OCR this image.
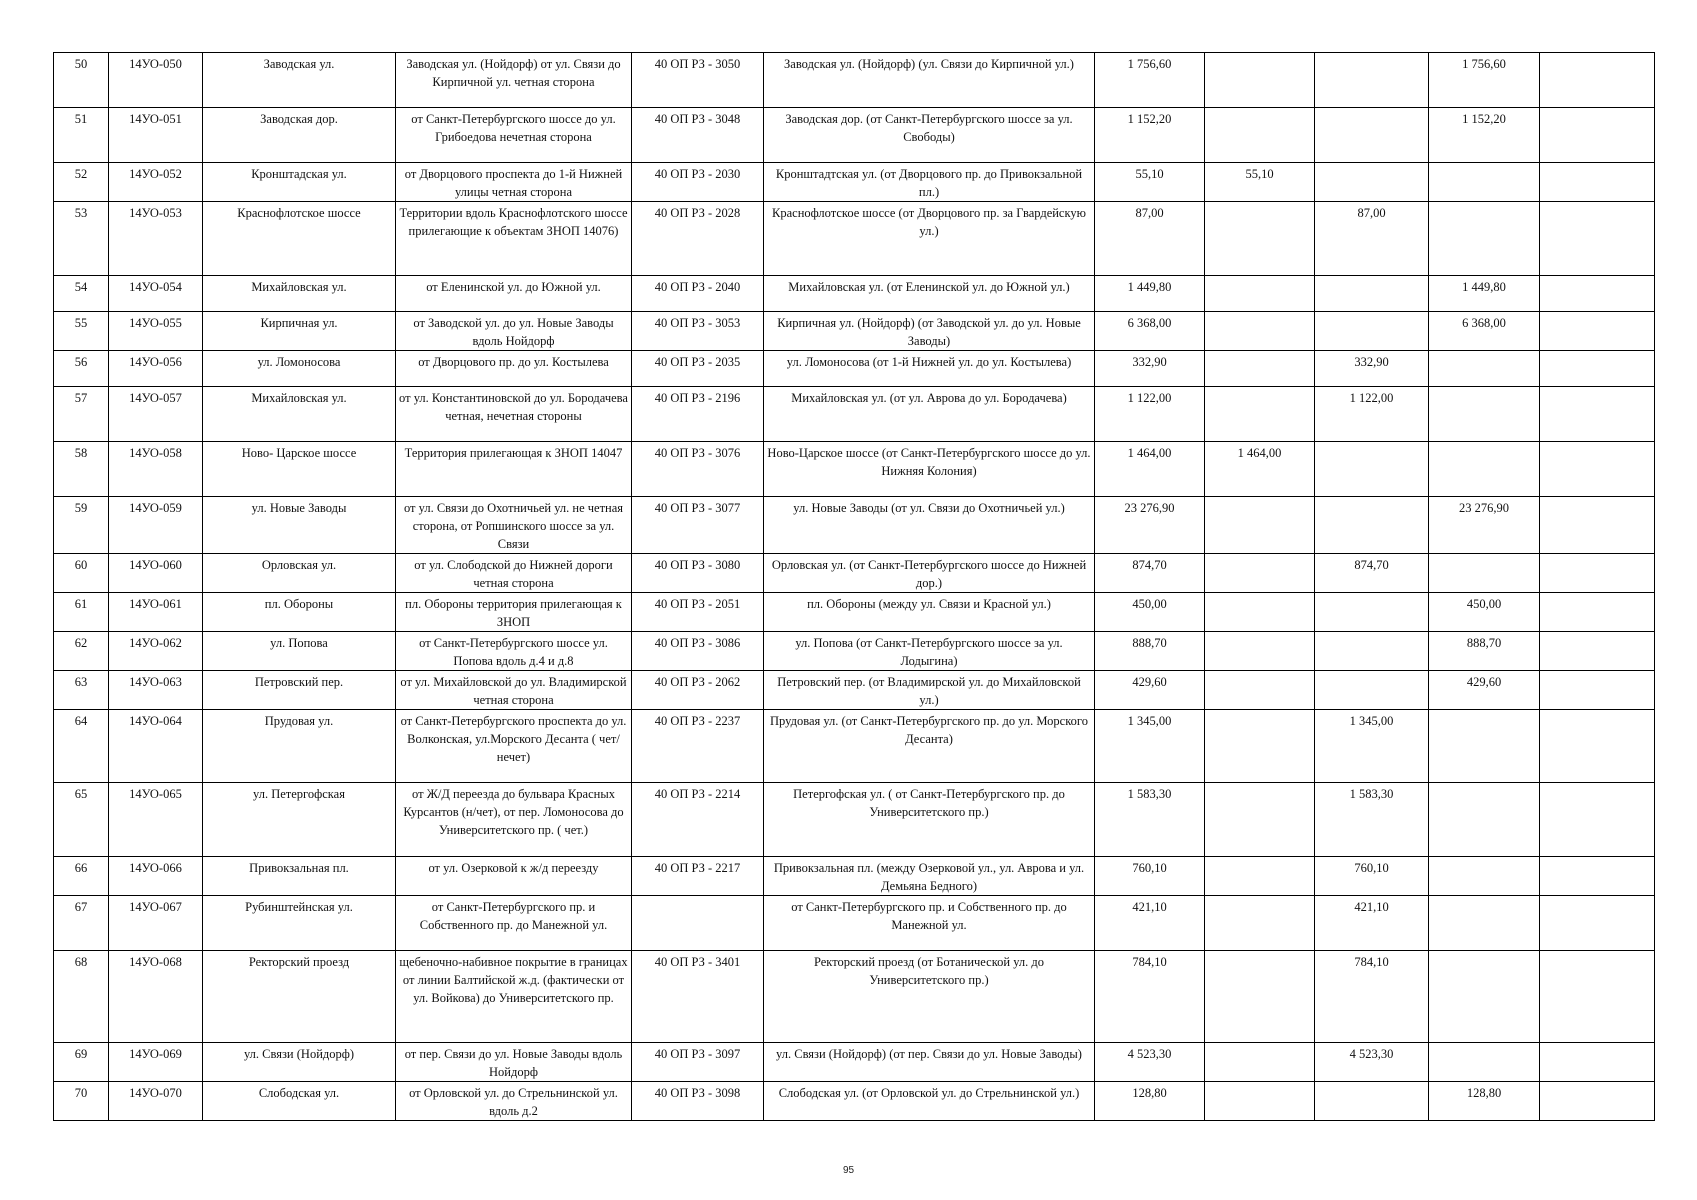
50	14УО-050	Заводская ул.	Заводская ул. (Нойдорф) от ул. Связи до Кирпичной ул. четная сторона	40 ОП РЗ - 3050	Заводская ул. (Нойдорф) (ул. Связи до Кирпичной ул.)	1 756,60			1 756,60	
51	14УО-051	Заводская дор.	от Санкт-Петербургского шоссе до ул. Грибоедова нечетная сторона	40 ОП РЗ - 3048	Заводская дор. (от Санкт-Петербургского шоссе за ул. Свободы)	1 152,20			1 152,20	
52	14УО-052	Кронштадская ул.	от Дворцового проспекта до 1-й Нижней улицы четная сторона	40 ОП РЗ - 2030	Кронштадтская ул. (от Дворцового пр. до Привокзальной пл.)	55,10	55,10			
53	14УО-053	Краснофлотское шоссе	Территории вдоль Краснофлотского шоссе прилегающие к объектам ЗНОП 14076)	40 ОП РЗ - 2028	Краснофлотское шоссе (от Дворцового пр. за Гвардейскую ул.)	87,00		87,00		
54	14УО-054	Михайловская ул.	от Еленинской ул. до Южной ул.	40 ОП РЗ - 2040	Михайловская ул. (от Еленинской ул. до Южной ул.)	1 449,80			1 449,80	
55	14УО-055	Кирпичная ул.	от Заводской ул. до ул. Новые Заводы вдоль Нойдорф	40 ОП РЗ - 3053	Кирпичная ул. (Нойдорф) (от Заводской ул. до ул. Новые Заводы)	6 368,00			6 368,00	
56	14УО-056	ул. Ломоносова	от Дворцового пр. до ул. Костылева	40 ОП РЗ - 2035	ул. Ломоносова (от 1-й Нижней ул. до ул. Костылева)	332,90		332,90		
57	14УО-057	Михайловская ул.	от ул. Константиновской до ул. Бородачева четная, нечетная стороны	40 ОП РЗ - 2196	Михайловская ул. (от ул. Аврова до ул. Бородачева)	1 122,00		1 122,00		
58	14УО-058	Ново- Царское шоссе	Территория прилегающая к ЗНОП 14047	40 ОП РЗ - 3076	Ново-Царское шоссе (от Санкт-Петербургского шоссе до ул. Нижняя Колония)	1 464,00	1 464,00			
59	14УО-059	ул. Новые Заводы	от ул. Связи до Охотничьей ул. не четная сторона, от Ропшинского шоссе за ул. Связи	40 ОП РЗ - 3077	ул. Новые Заводы (от ул. Связи до Охотничьей ул.)	23 276,90			23 276,90	
60	14УО-060	Орловская ул.	от ул. Слободской до Нижней дороги четная сторона	40 ОП РЗ - 3080	Орловская ул. (от Санкт-Петербургского шоссе до Нижней дор.)	874,70		874,70		
61	14УО-061	пл. Обороны	пл. Обороны территория прилегающая к ЗНОП	40 ОП РЗ - 2051	пл. Обороны (между ул. Связи и Красной ул.)	450,00			450,00	
62	14УО-062	ул. Попова	от Санкт-Петербургского шоссе ул. Попова вдоль д.4 и д.8	40 ОП РЗ - 3086	ул. Попова (от Санкт-Петербургского шоссе за ул. Лодыгина)	888,70			888,70	
63	14УО-063	Петровский пер.	от ул. Михайловской до ул. Владимирской четная сторона	40 ОП РЗ - 2062	Петровский пер. (от Владимирской ул. до Михайловской ул.)	429,60			429,60	
64	14УО-064	Прудовая ул.	от Санкт-Петербургского проспекта до ул. Волконская, ул.Морского Десанта ( чет/нечет)	40 ОП РЗ - 2237	Прудовая ул. (от Санкт-Петербургского пр. до ул. Морского Десанта)	1 345,00		1 345,00		
65	14УО-065	ул. Петергофская	от Ж/Д переезда до бульвара Красных Курсантов (н/чет), от пер. Ломоносова до Университетского пр. ( чет.)	40 ОП РЗ - 2214	Петергофская ул. ( от Санкт-Петербургского пр. до Университетского пр.)	1 583,30		1 583,30		
66	14УО-066	Привокзальная пл.	от ул. Озерковой к ж/д переезду	40 ОП РЗ - 2217	Привокзальная пл. (между Озерковой ул., ул. Аврова и ул. Демьяна Бедного)	760,10		760,10		
67	14УО-067	Рубинштейнская ул.	от Санкт-Петербургского пр. и Собственного пр. до Манежной ул.		от Санкт-Петербургского пр. и Собственного пр. до Манежной ул.	421,10		421,10		
68	14УО-068	Ректорский проезд	щебеночно-набивное покрытие в границах от линии Балтийской ж.д. (фактически от ул. Войкова) до Университетского пр.	40 ОП РЗ - 3401	Ректорский проезд (от Ботанической ул. до Университетского пр.)	784,10		784,10		
69	14УО-069	ул. Связи (Нойдорф)	от пер. Связи до ул. Новые Заводы вдоль Нойдорф	40 ОП РЗ - 3097	ул. Связи (Нойдорф) (от пер. Связи до ул. Новые Заводы)	4 523,30		4 523,30		
70	14УО-070	Слободская ул.	от Орловской ул. до Стрельнинской ул. вдоль д.2	40 ОП РЗ - 3098	Слободская ул. (от Орловской ул. до Стрельнинской ул.)	128,80			128,80	
95
